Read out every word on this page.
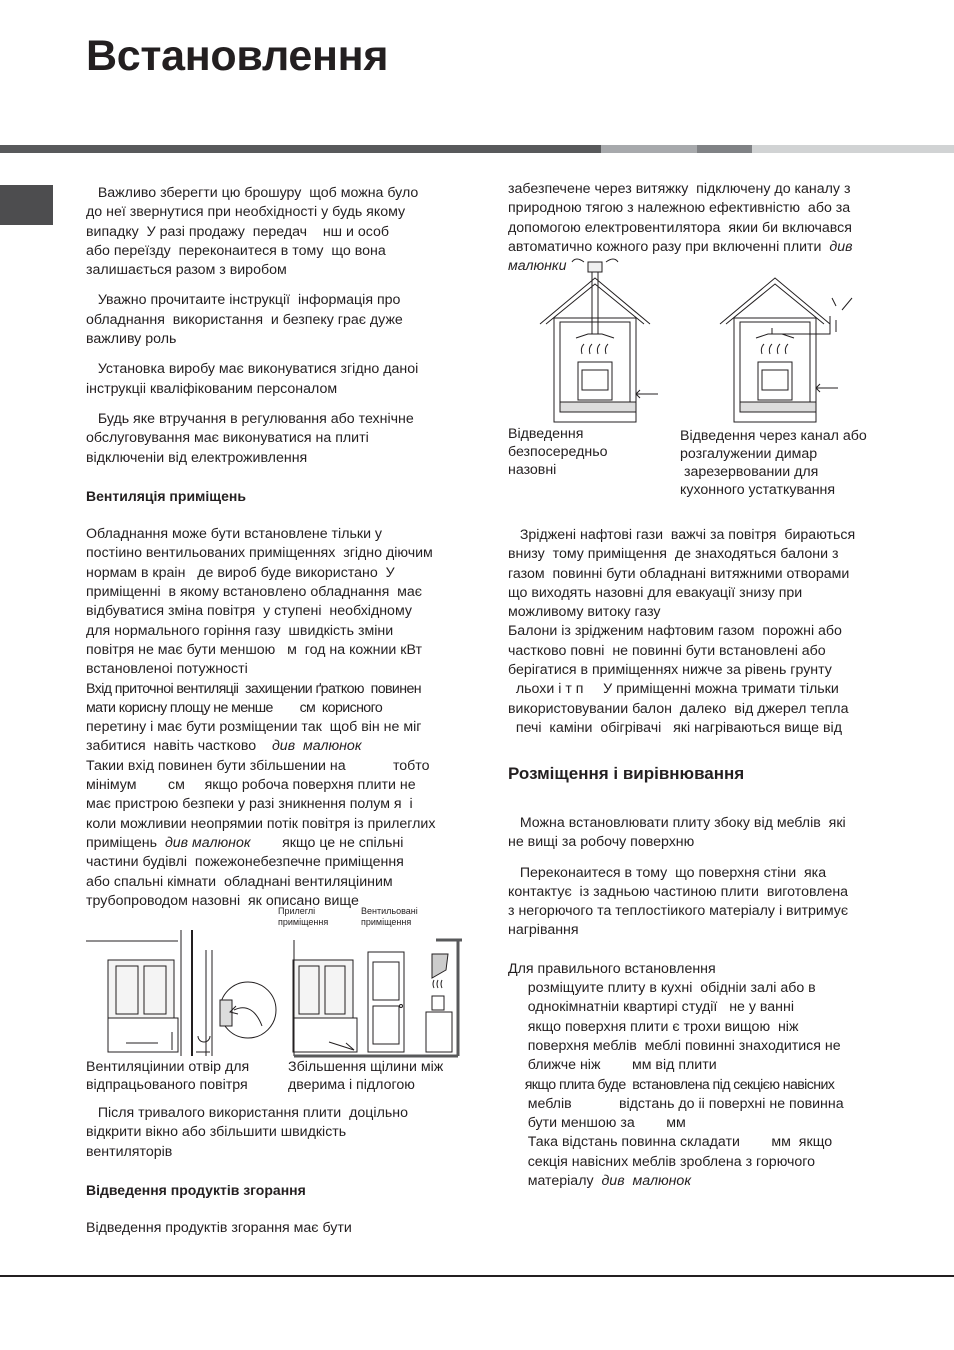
Встановлення

Важливо зберегти цю брошуру  щоб можна було

до неї звернутися при необхідності у будь якому

випадку  У разі продажу  передач    нш и особ

або переїзду  переконаитеся в тому  що вона

залишається разом з виробом

Уважно прочитаите інструкції  інформація про

обладнання  використання  и безпеку грає дуже

важливу роль

Установка виробу має виконуватися згідно даноі

інструкціі кваліфікованим персоналом

Будь яке втручання в регулювання або технічне

обслуговування має виконуватися на плиті

відключеніи від електроживлення

Вентиляція приміщень

Обладнання може бути встановлене тільки у

постіино вентильованих приміщеннях  згідно діючим

нормам в краін   де вироб буде використано  У

приміщенні  в якому встановлено обладнання  має

відбуватися зміна повітря  у ступені  необхідному

для нормального горіння газу  швидкість зміни

повітря не має бути меншою   м  год на кожнии кВт

встановленоі потужності

Вхід приточноі вентиляціі  захищении ґраткою  повинен

мати корисну площу не менше        см  корисного

перетину і має бути розміщении так  щоб він не міг

забитися  навіть частково див  малюнок

Такии вхід повинен бути збільшении на            тобто

мінімум        см     якщо робоча поверхня плити не

має пристрою безпеки у разі зникнення полум я  і

коли можливии неопрямии потік повітря із прилеглих

приміщень див малюнок        якщо це не спільні

частини будівлі  пожежонебезпечне приміщення

або спальні кімнати  обладнані вентиляціиним

трубопроводом назовні  як описано вище

Прилеглі
приміщення

Вентильовані
приміщення

Вентиляціинии отвір для
відпрацьованого повітря

Збільшення щілини між
дверима і підлогою

Після тривалого використання плити  доцільно

відкрити вікно або збільшити швидкість

вентиляторів

Відведення продуктів згорання

Відведення продуктів згорання має бути

забезпечене через витяжку  підключену до каналу з

природною тягою з належною ефективністю  або за

допомогою електровентилятора  якии би включався

автоматично кожного разу при включенні плити  див

малюнки

Відведення
безпосередньо
назовні

Відведення через канал або
розгалужении димар
зарезервовании для
кухонного устаткування

Зріджені нафтові гази  важчі за повітря  бираються

внизу  тому приміщення  де знаходяться балони з

газом  повинні бути обладнані витяжними отворами

що виходять назовні для евакуації знизу при

можливому витоку газу

Балони із зрідженим нафтовим газом  порожні або

частково повні  не повинні бути встановлені або

берігатися в приміщеннях нижче за рівень грунту

льохи і т п     У приміщенні можна тримати тільки

використовувании балон  далеко  від джерел тепла

печі  каміни  обігрівачі   які нагріваються вище від

Розміщення і вирівнювання

Можна встановлювати плиту збоку від меблів  які

не вищі за робочу поверхню

Переконаитеся в тому  що поверхня стіни  яка

контактує  із задньою частиною плити  виготовлена

з негорючого та теплостіикого матеріалу і витримує

нагрівання

Для правильного встановлення

розміщуите плиту в кухні  обідніи залі або в

однокімнатніи квартирі студії   не у ванні

якщо поверхня плити є трохи вищою  ніж

поверхня меблів  меблі повинні знаходитися не

ближче ніж        мм від плити

якщо плита буде  встановлена під секцією навісних

меблів            відстань до іі поверхні не повинна

бути меншою за        мм

Така відстань повинна складати        мм  якщо

секція навісних меблів зроблена з горючого

матеріалу  див  малюнок
